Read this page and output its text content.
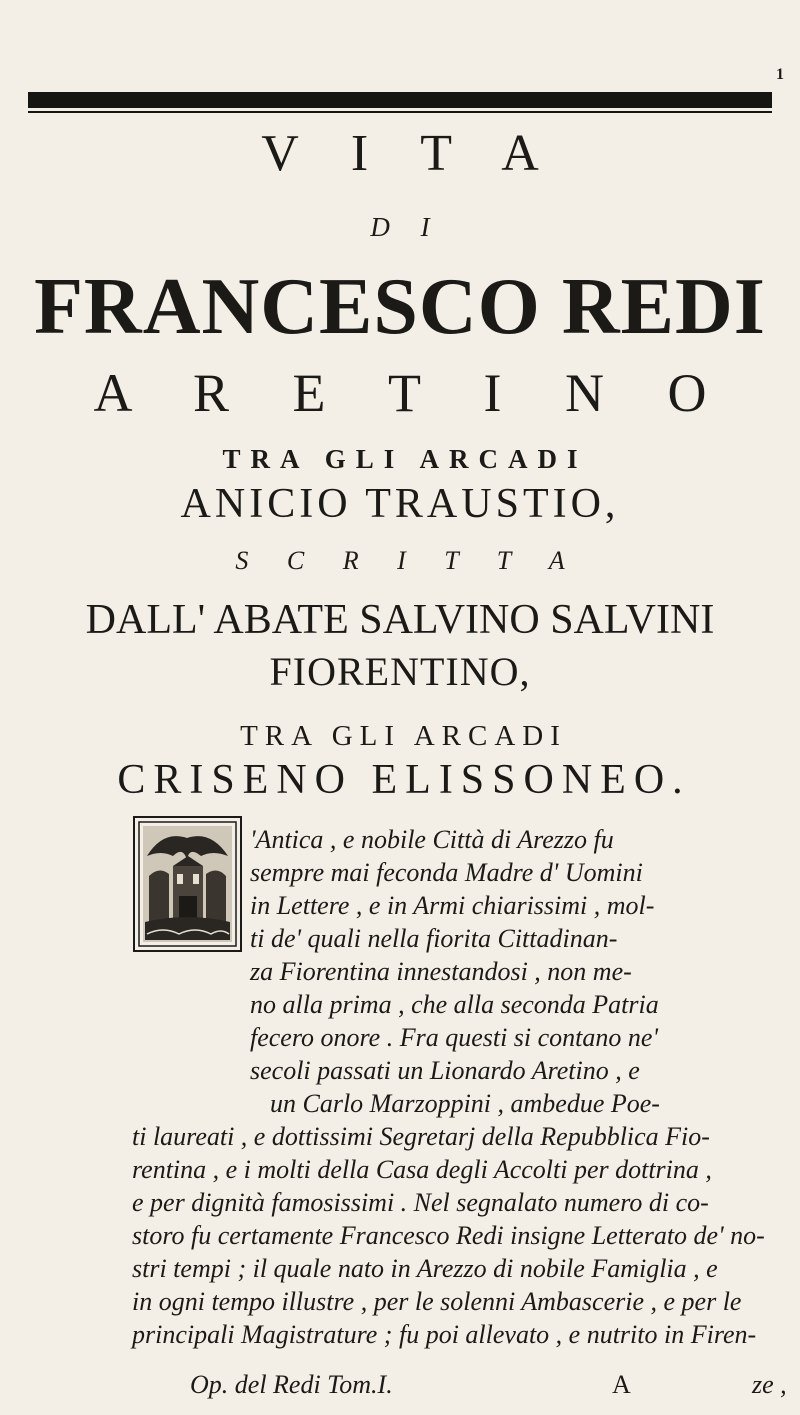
1
V I T A
D I
FRANCESCO REDI
A R E T I N O
TRA GLI ARCADI
ANICIO TRAUSTIO,
S C R I T T A
DALL' ABATE SALVINO SALVINI
FIORENTINO,
TRA GLI ARCADI
CRISENO ELISSONEO.
'Antica , e nobile Città di Arezzo fu
sempre mai feconda Madre d' Uomini
in Lettere , e in Armi chiarissimi , mol-
ti de' quali nella fiorita Cittadinan-
za Fiorentina innestandosi , non me-
no alla prima , che alla seconda Patria
fecero onore . Fra questi si contano ne'
secoli passati un Lionardo Aretino , e
un Carlo Marzoppini , ambedue Poe-
ti laureati , e dottissimi Segretarj della Repubblica Fio-
rentina , e i molti della Casa degli Accolti per dottrina ,
e per dignità famosissimi . Nel segnalato numero di co-
storo fu certamente Francesco Redi insigne Letterato de' no-
stri tempi ; il quale nato in Arezzo di nobile Famiglia , e
in ogni tempo illustre , per le solenni Ambascerie , e per le
principali Magistrature ; fu poi allevato , e nutrito in Firen-
Op. del Redi Tom.I.	A	ze ,
